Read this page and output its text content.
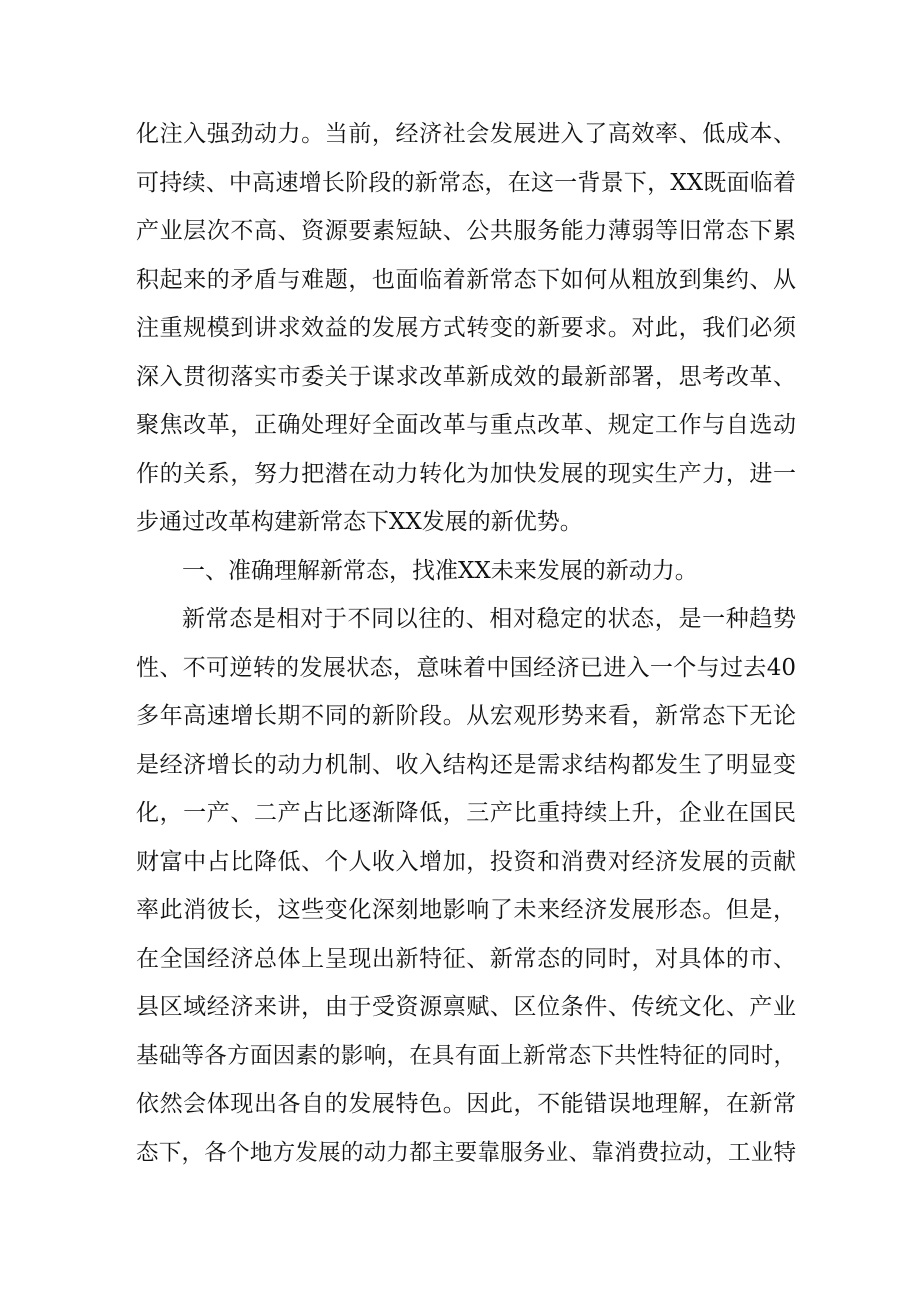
化注入强劲动力。当前，经济社会发展进入了高效率、低成本、
可持续、中高速增长阶段的新常态，在这一背景下，XX既面临着
产业层次不高、资源要素短缺、公共服务能力薄弱等旧常态下累
积起来的矛盾与难题，也面临着新常态下如何从粗放到集约、从
注重规模到讲求效益的发展方式转变的新要求。对此，我们必须
深入贯彻落实市委关于谋求改革新成效的最新部署，思考改革、
聚焦改革，正确处理好全面改革与重点改革、规定工作与自选动
作的关系，努力把潜在动力转化为加快发展的现实生产力，进一
步通过改革构建新常态下XX发展的新优势。
一、准确理解新常态，找准XX未来发展的新动力。
新常态是相对于不同以往的、相对稳定的状态，是一种趋势
性、不可逆转的发展状态，意味着中国经济已进入一个与过去40
多年高速增长期不同的新阶段。从宏观形势来看，新常态下无论
是经济增长的动力机制、收入结构还是需求结构都发生了明显变
化，一产、二产占比逐渐降低，三产比重持续上升，企业在国民
财富中占比降低、个人收入增加，投资和消费对经济发展的贡献
率此消彼长，这些变化深刻地影响了未来经济发展形态。但是，
在全国经济总体上呈现出新特征、新常态的同时，对具体的市、
县区域经济来讲，由于受资源禀赋、区位条件、传统文化、产业
基础等各方面因素的影响，在具有面上新常态下共性特征的同时，
依然会体现出各自的发展特色。因此，不能错误地理解，在新常
态下，各个地方发展的动力都主要靠服务业、靠消费拉动，工业特
